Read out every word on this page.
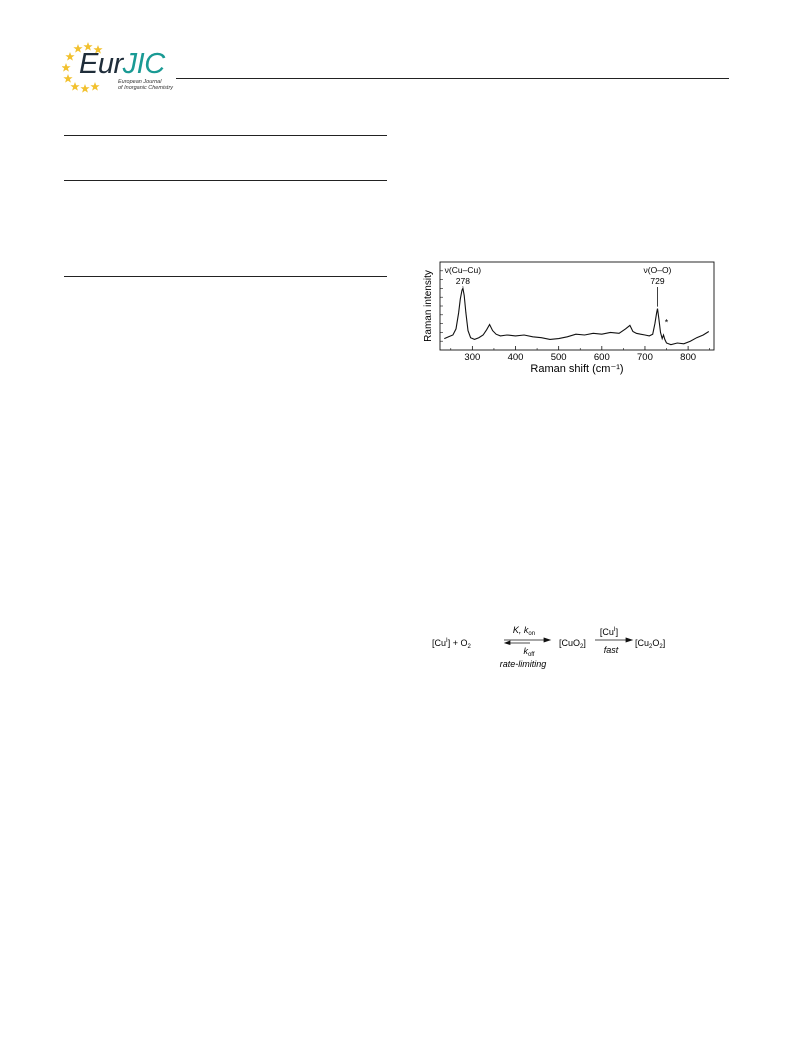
EurJIC
European Journal
of Inorganic Chemistry
300	400	500	600	700	800
ν(Cu–Cu)
278
ν(O–O)
729
*
Raman shift (cm⁻¹)
Raman intensity
$[Cu^I] + O_2$
K, $k_{on}$
$k_{off}$
rate-limiting
[CuO$_2$]
$[Cu^I]$
fast
$[Cu_2O_2]$
